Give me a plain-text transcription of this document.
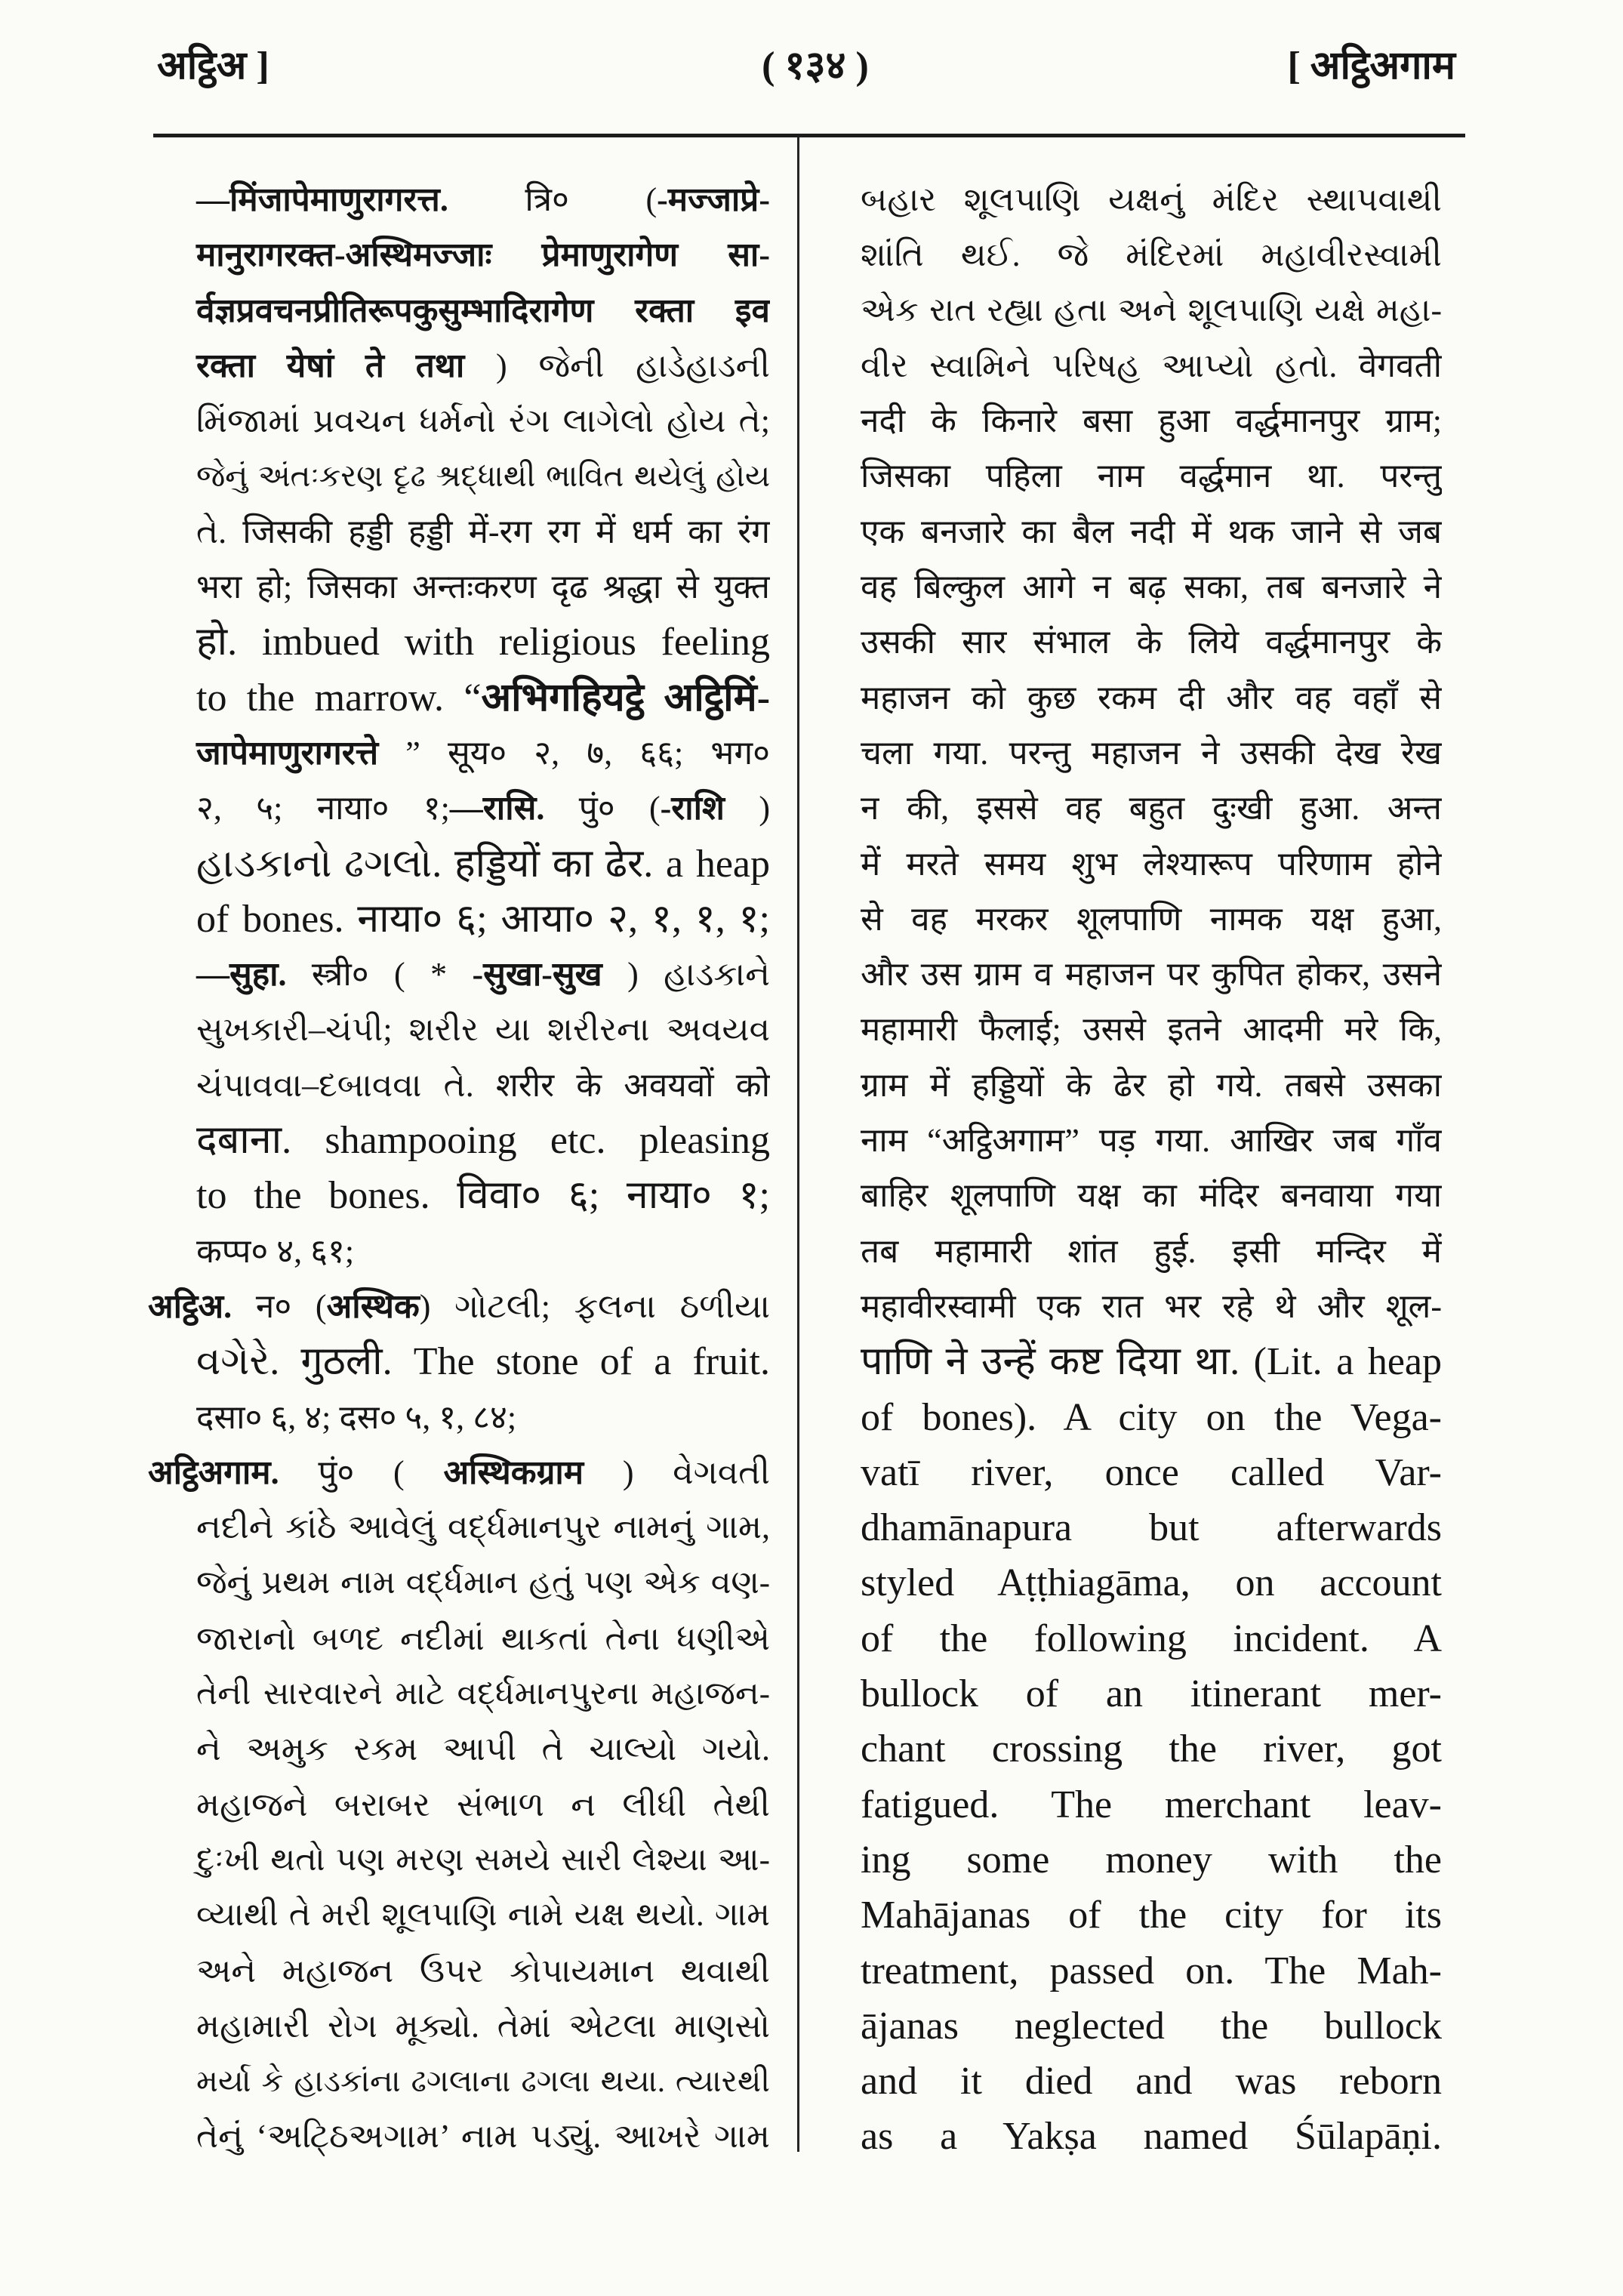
अट्ठिअ ]	( १३४ )	[ अट्ठिअगाम
—मिंजापेमाणुरागरत्त. त्रि० (-मज्जाप्रे-
मानुरागरक्त-अस्थिमज्जाः प्रेमाणुरागेण सा-
र्वज्ञप्रवचनप्रीतिरूपकुसुम्भादिरागेण रक्ता इव
रक्ता येषां ते तथा ) જેની હાડેહાડની
મિંજામાં પ્રવચન ધર્મનો રંગ લાગેલો હોય તે;
જેનું અંતઃકરણ દૃઢ શ્રદ્ધાથી ભાવિત થયેલું હોય
તે. जिसकी हड्डी हड्डी में-रग रग में धर्म का रंग
भरा हो; जिसका अन्तःकरण दृढ श्रद्धा से युक्त
हो. imbued with religious feeling
to the marrow. “अभिगहियट्ठे अट्ठिमिं-
जापेमाणुरागरत्ते ” सूय० २, ७, ६६; भग०
२, ५; नाया० १;—रासि. पुं० (-राशि )
હાડકાનો ઢગલો. हड्डियों का ढेर. a heap
of bones. नाया० ६; आया० २, १, १, १;
—सुहा. स्त्री० ( * -सुखा-सुख ) હાડકાને
સુખકારી–ચંપી; શરીર યા શરીરના અવયવ
ચંપાવવા–દબાવવા તે. शरीर के अवयवों को
दबाना. shampooing etc. pleasing
to the bones. विवा० ६; नाया० १;
कप्प० ४, ६१;
अट्ठिअ. न० (अस्थिक) ગોટલી; ફલના ઠળીયા
વગેરે. गुठली. The stone of a fruit.
दसा० ६, ४; दस० ५, १, ८४;
अट्ठिअगाम. पुं० ( अस्थिकग्राम ) વેગવતી
નદીને કાંઠે આવેલું વર્દ્ધમાનપુર નામનું ગામ,
જેનું પ્રથમ નામ વર્દ્ધમાન હતું પણ એક વણ-
જારાનો બળદ નદીમાં થાકતાં તેના ધણીએ
તેની સારવારને માટે વર્દ્ધમાનપુરના મહાજન-
ને અમુક રકમ આપી તે ચાલ્યો ગયો.
મહાજને બરાબર સંભાળ ન લીધી તેથી
દુઃખી થતો પણ મરણ સમયે સારી લેશ્યા આ-
વ્યાથી તે મરી શૂલપાણિ નામે યક્ષ થયો. ગામ
અને મહાજન ઉપર કોપાયમાન થવાથી
મહામારી રોગ મૂક્યો. તેમાં એટલા માણસો
મર્યા કે હાડકાંના ઢગલાના ઢગલા થયા. ત્યારથી
તેનું ‘અટ્ઠિઅગામ’ નામ પડ્યું. આખરે ગામ
બહાર શૂલપાણિ યક્ષનું મંદિર સ્થાપવાથી
શાંતિ થઈ. જે મંદિરમાં મહાવીરસ્વામી
એક રાત રહ્યા હતા અને શૂલપાણિ યક્ષે મહા-
વીર સ્વામિને પરિષહ આપ્યો હતો. वेगवती
नदी के किनारे बसा हुआ वर्द्धमानपुर ग्राम;
जिसका पहिला नाम वर्द्धमान था. परन्तु
एक बनजारे का बैल नदी में थक जाने से जब
वह बिल्कुल आगे न बढ़ सका, तब बनजारे ने
उसकी सार संभाल के लिये वर्द्धमानपुर के
महाजन को कुछ रकम दी और वह वहाँ से
चला गया. परन्तु महाजन ने उसकी देख रेख
न की, इससे वह बहुत दुःखी हुआ. अन्त
में मरते समय शुभ लेश्यारूप परिणाम होने
से वह मरकर शूलपाणि नामक यक्ष हुआ,
और उस ग्राम व महाजन पर कुपित होकर, उसने
महामारी फैलाई; उससे इतने आदमी मरे कि,
ग्राम में हड्डियों के ढेर हो गये. तबसे उसका
नाम “अट्ठिअगाम” पड़ गया. आखिर जब गाँव
बाहिर शूलपाणि यक्ष का मंदिर बनवाया गया
तब महामारी शांत हुई. इसी मन्दिर में
महावीरस्वामी एक रात भर रहे थे और शूल-
पाणि ने उन्हें कष्ट दिया था. (Lit. a heap
of bones). A city on the Vega-
vatī river, once called Var-
dhamānapura but afterwards
styled Aṭṭhiagāma, on account
of the following incident. A
bullock of an itinerant mer-
chant crossing the river, got
fatigued. The merchant leav-
ing some money with the
Mahājanas of the city for its
treatment, passed on. The Mah-
ājanas neglected the bullock
and it died and was reborn
as a Yakṣa named Śūlapāṇi.
